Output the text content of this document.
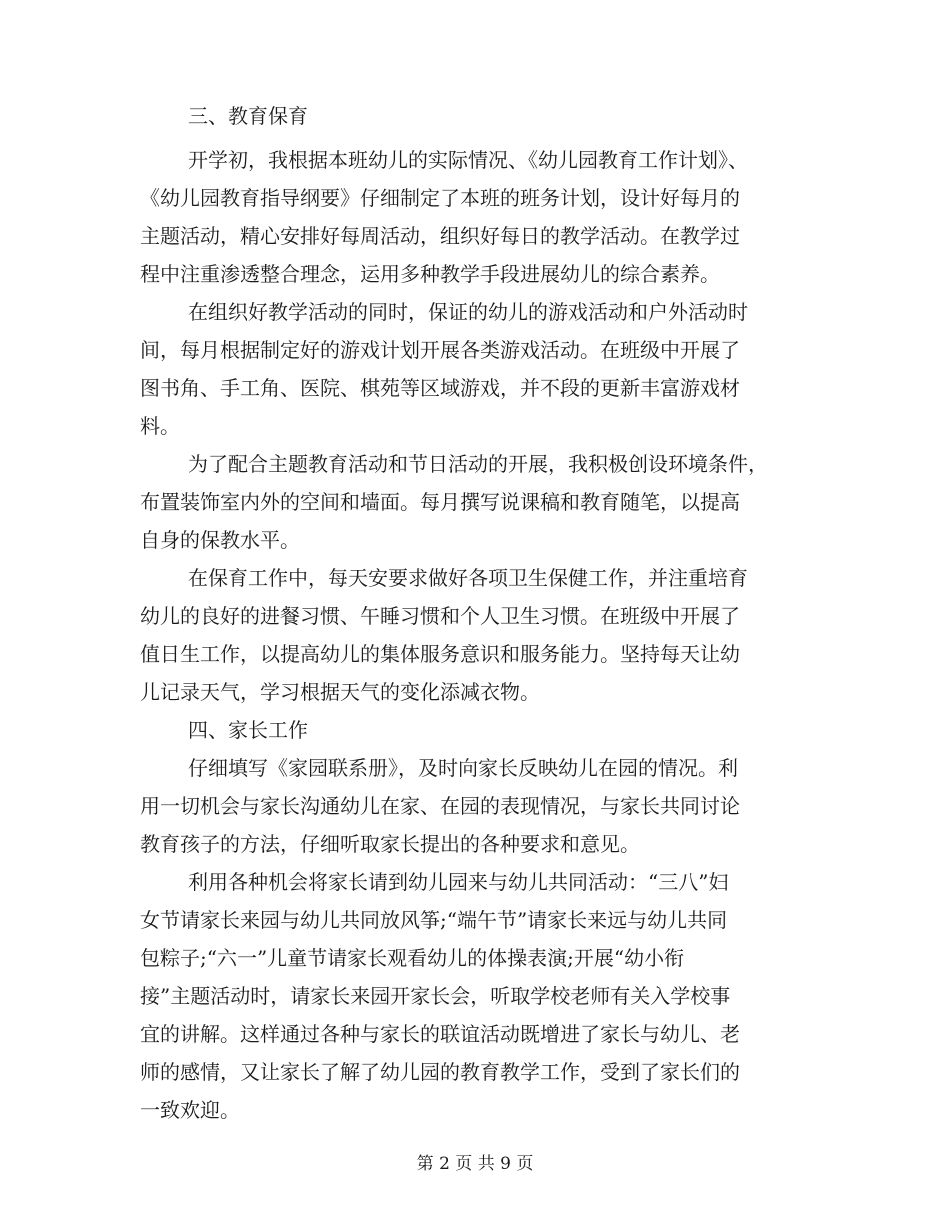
三、教育保育
开学初，我根据本班幼儿的实际情况、《幼儿园教育工作计划》、
《幼儿园教育指导纲要》仔细制定了本班的班务计划，设计好每月的
主题活动，精心安排好每周活动，组织好每日的教学活动。在教学过
程中注重渗透整合理念，运用多种教学手段进展幼儿的综合素养。
在组织好教学活动的同时，保证的幼儿的游戏活动和户外活动时
间，每月根据制定好的游戏计划开展各类游戏活动。在班级中开展了
图书角、手工角、医院、棋苑等区域游戏，并不段的更新丰富游戏材
料。
为了配合主题教育活动和节日活动的开展，我积极创设环境条件，
布置装饰室内外的空间和墙面。每月撰写说课稿和教育随笔，以提高
自身的保教水平。
在保育工作中，每天安要求做好各项卫生保健工作，并注重培育
幼儿的良好的进餐习惯、午睡习惯和个人卫生习惯。在班级中开展了
值日生工作，以提高幼儿的集体服务意识和服务能力。坚持每天让幼
儿记录天气，学习根据天气的变化添减衣物。
四、家长工作
仔细填写《家园联系册》，及时向家长反映幼儿在园的情况。利
用一切机会与家长沟通幼儿在家、在园的表现情况，与家长共同讨论
教育孩子的方法，仔细听取家长提出的各种要求和意见。
利用各种机会将家长请到幼儿园来与幼儿共同活动：“三八”妇
女节请家长来园与幼儿共同放风筝;“端午节”请家长来远与幼儿共同
包粽子;“六一”儿童节请家长观看幼儿的体操表演;开展“幼小衔
接”主题活动时，请家长来园开家长会，听取学校老师有关入学校事
宜的讲解。这样通过各种与家长的联谊活动既增进了家长与幼儿、老
师的感情，又让家长了解了幼儿园的教育教学工作，受到了家长们的
一致欢迎。
第 2 页 共 9 页
